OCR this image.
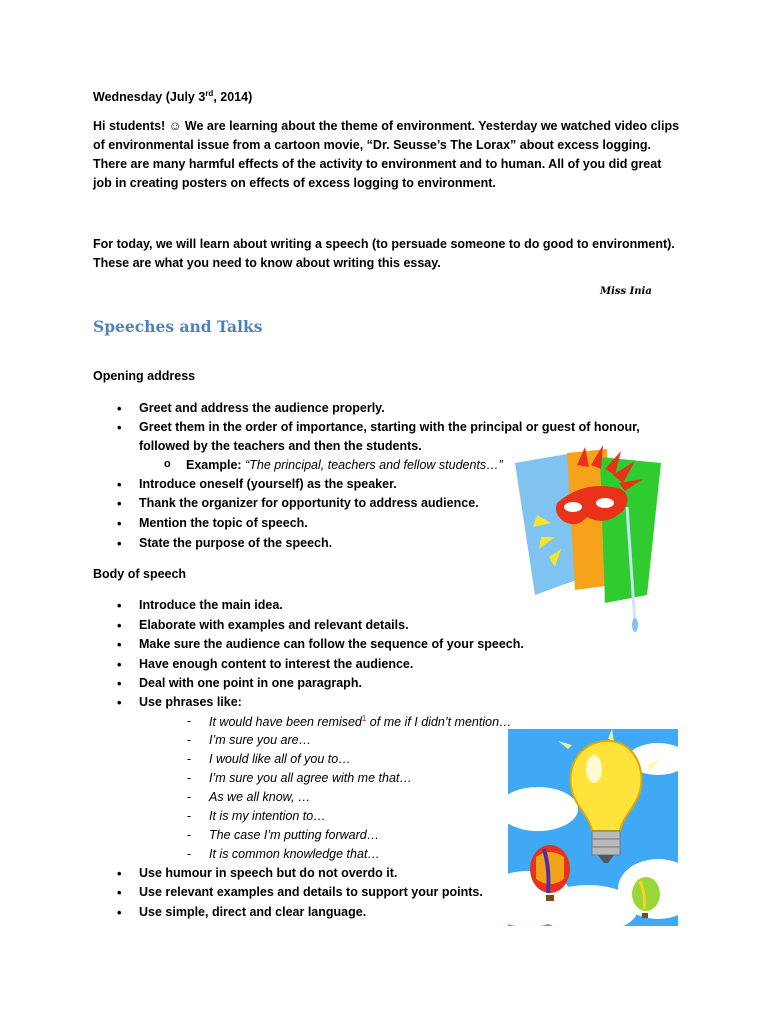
Wednesday (July 3rd, 2014)
Hi students! ☺ We are learning about the theme of environment. Yesterday we watched video clips of environmental issue from a cartoon movie, “Dr. Seusse’s The Lorax” about excess logging. There are many harmful effects of the activity to environment and to human. All of you did great job in creating posters on effects of excess logging to environment.
For today, we will learn about writing a speech (to persuade someone to do good to environment). These are what you need to know about writing this essay.
Miss Inia
Speeches and Talks
Opening address
• Greet and address the audience properly.
• Greet them in the order of importance, starting with the principal or guest of honour,
followed by the teachers and then the students.
o Example: “The principal, teachers and fellow students…”
• Introduce oneself (yourself) as the speaker.
• Thank the organizer for opportunity to address audience.
• Mention the topic of speech.
• State the purpose of the speech.
Body of speech
• Introduce the main idea.
• Elaborate with examples and relevant details.
• Make sure the audience can follow the sequence of your speech.
• Have enough content to interest the audience.
• Deal with one point in one paragraph.
• Use phrases like:
- It would have been remised$^1$ of me if I didn’t mention…
- I’m sure you are…
- I would like all of you to…
- I’m sure you all agree with me that…
- As we all know, …
- It is my intention to…
- The case I’m putting forward…
- It is common knowledge that…
• Use humour in speech but do not overdo it.
• Use relevant examples and details to support your points.
• Use simple, direct and clear language.
